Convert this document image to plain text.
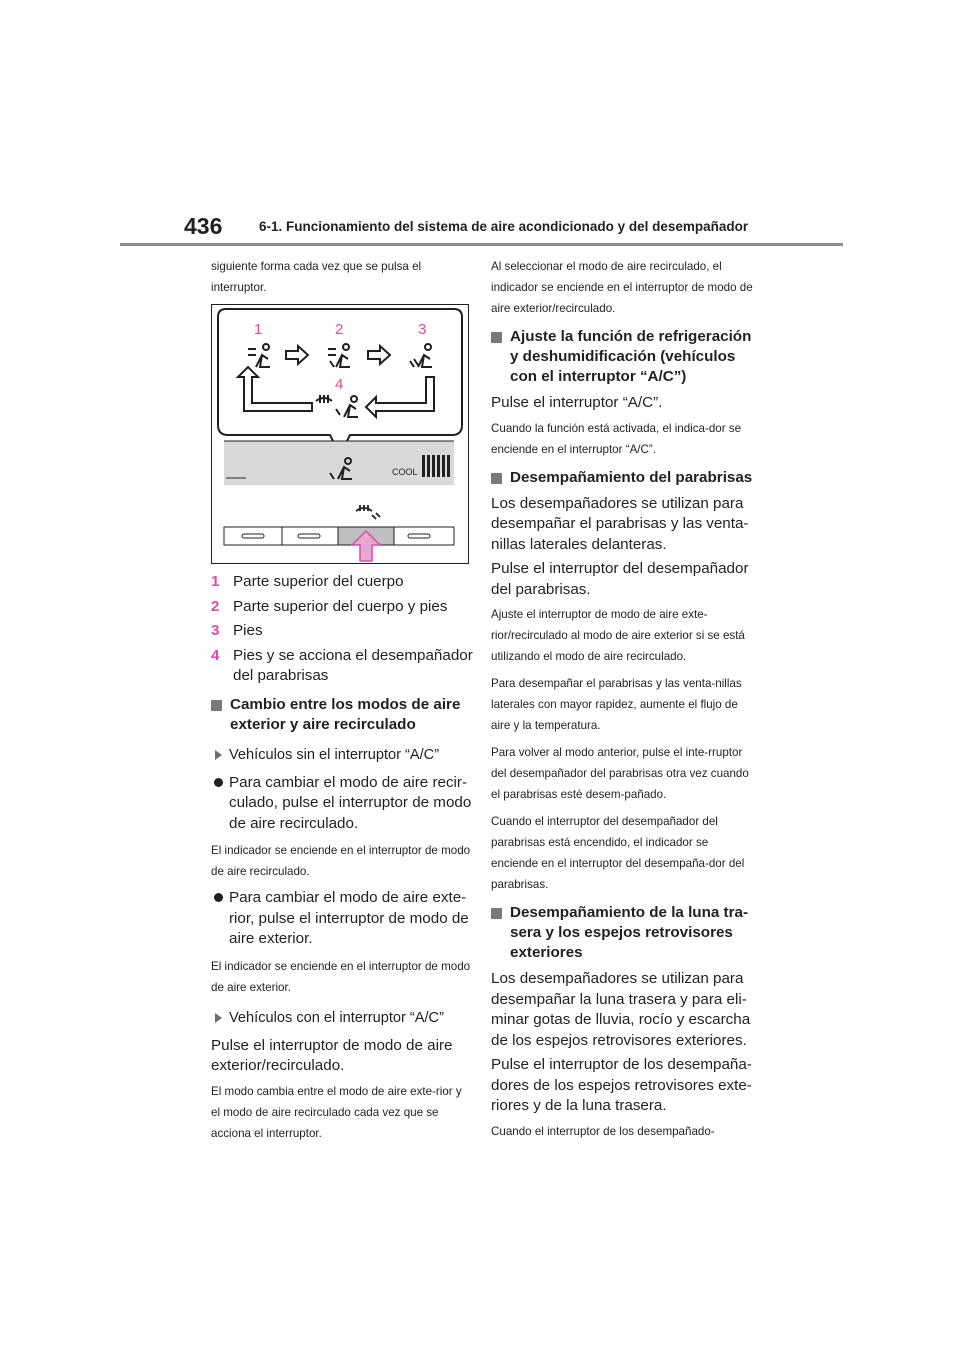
436	6-1. Funcionamiento del sistema de aire acondicionado y del desempañador

siguiente forma cada vez que se pulsa el interruptor.

1	2	3
4
COOL
1 Parte superior del cuerpo
2 Parte superior del cuerpo y pies
3 Pies
4 Pies y se acciona el desempañador del parabrisas
Cambio entre los modos de aire exterior y aire recirculado
Vehículos sin el interruptor “A/C”
Para cambiar el modo de aire recir-culado, pulse el interruptor de modo de aire recirculado.

El indicador se enciende en el interruptor de modo de aire recirculado.

Para cambiar el modo de aire exte-rior, pulse el interruptor de modo de aire exterior.

El indicador se enciende en el interruptor de modo de aire exterior.

Vehículos con el interruptor “A/C”

Pulse el interruptor de modo de aire exterior/recirculado.

El modo cambia entre el modo de aire exte-rior y el modo de aire recirculado cada vez que se acciona el interruptor.

Al seleccionar el modo de aire recirculado, el indicador se enciende en el interruptor de modo de aire exterior/recirculado.

Ajuste la función de refrigeración y deshumidificación (vehículos con el interruptor “A/C”)

Pulse el interruptor “A/C”.

Cuando la función está activada, el indica-dor se enciende en el interruptor “A/C”.

Desempañamiento del parabrisas

Los desempañadores se utilizan para desempañar el parabrisas y las venta-nillas laterales delanteras.

Pulse el interruptor del desempañador del parabrisas.

Ajuste el interruptor de modo de aire exte-rior/recirculado al modo de aire exterior si se está utilizando el modo de aire recirculado.

Para desempañar el parabrisas y las venta-nillas laterales con mayor rapidez, aumente el flujo de aire y la temperatura.

Para volver al modo anterior, pulse el inte-rruptor del desempañador del parabrisas otra vez cuando el parabrisas esté desem-pañado.

Cuando el interruptor del desempañador del parabrisas está encendido, el indicador se enciende en el interruptor del desempaña-dor del parabrisas.

Desempañamiento de la luna tra-sera y los espejos retrovisores exteriores

Los desempañadores se utilizan para desempañar la luna trasera y para eli-minar gotas de lluvia, rocío y escarcha de los espejos retrovisores exteriores.

Pulse el interruptor de los desempaña-dores de los espejos retrovisores exte-riores y de la luna trasera.

Cuando el interruptor de los desempañado-
